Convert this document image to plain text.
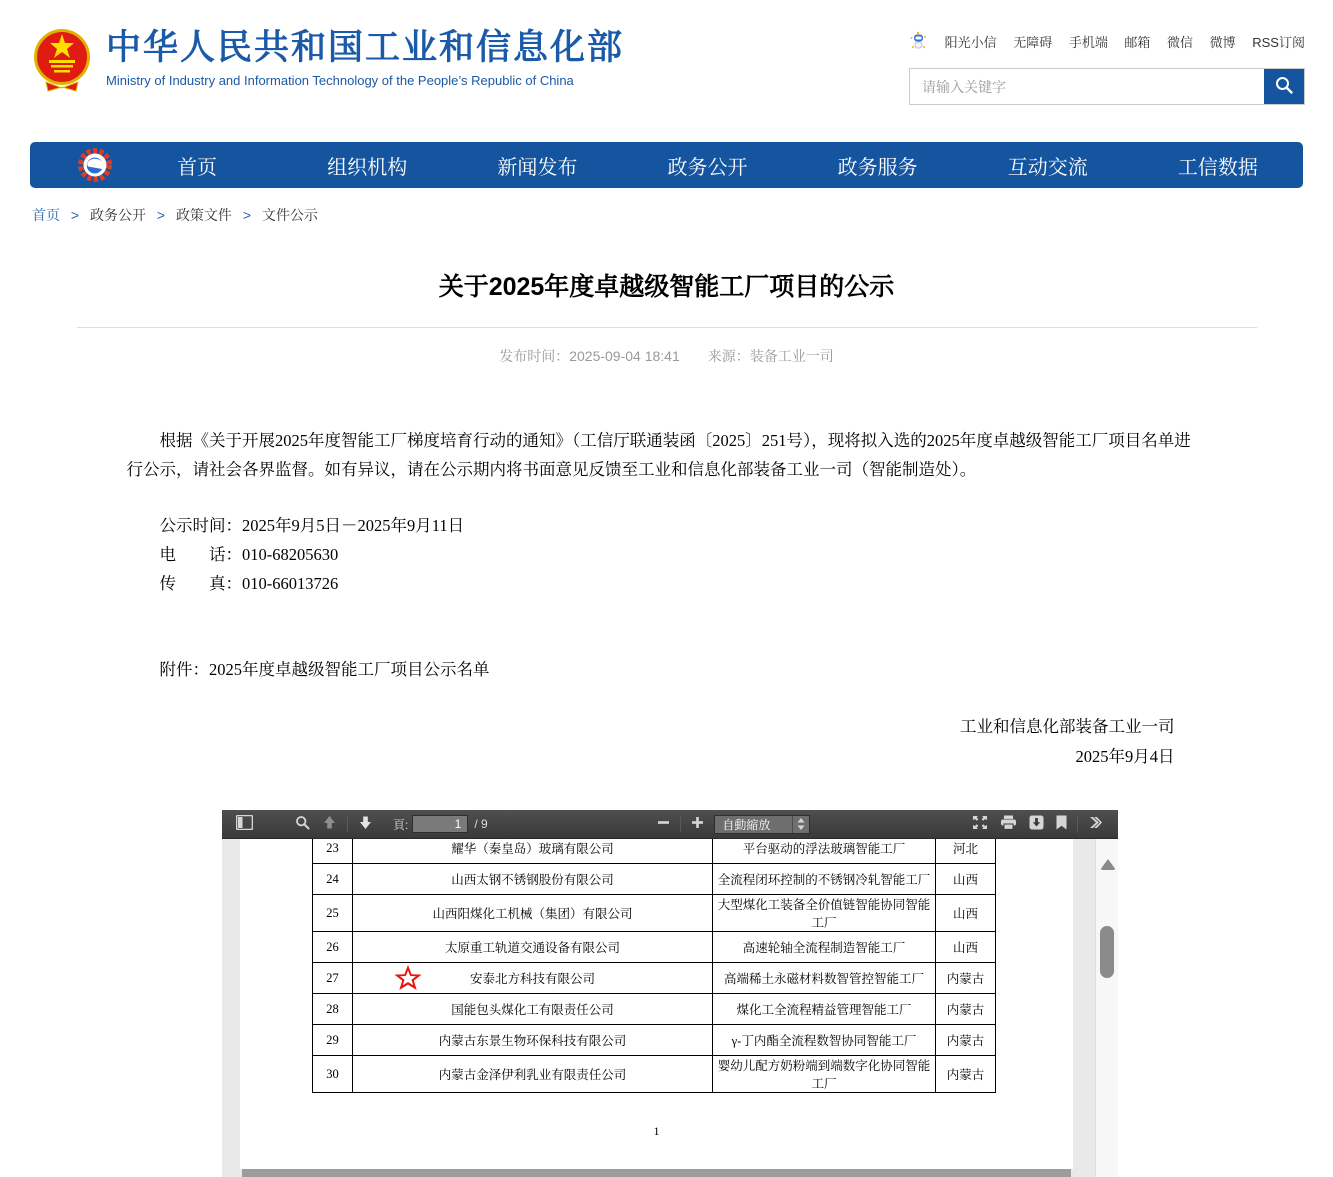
中华人民共和国工业和信息化部
Ministry of Industry and Information Technology of the People’s Republic of China
阳光小信 无障碍 手机端 邮箱 微信 微博 RSS订阅
请输入关键字
首页	组织机构	新闻发布	政务公开	政务服务	互动交流	工信数据
首页 > 政务公开 > 政策文件 > 文件公示
关于2025年度卓越级智能工厂项目的公示
发布时间：2025-09-04 18:41 来源：装备工业一司

根据《关于开展2025年度智能工厂梯度培育行动的通知》（工信厅联通装函〔2025〕251号），现将拟入选的2025年度卓越级智能工厂项目名单进行公示，请社会各界监督。如有异议，请在公示期内将书面意见反馈至工业和信息化部装备工业一司（智能制造处）。

公示时间：2025年9月5日－2025年9月11日

电　　话：010-68205630

传　　真：010-66013726

附件：2025年度卓越级智能工厂项目公示名单

工业和信息化部装备工业一司
2025年9月4日
頁:
1	/ 9	自動縮放
23	耀华（秦皇岛）玻璃有限公司	平台驱动的浮法玻璃智能工厂	河北
24	山西太钢不锈钢股份有限公司	全流程闭环控制的不锈钢冷轧智能工厂	山西
25	山西阳煤化工机械（集团）有限公司	大型煤化工装备全价值链智能协同智能工厂	山西
26	太原重工轨道交通设备有限公司	高速轮轴全流程制造智能工厂	山西
27	安泰北方科技有限公司	高端稀土永磁材料数智管控智能工厂	内蒙古
28	国能包头煤化工有限责任公司	煤化工全流程精益管理智能工厂	内蒙古
29	内蒙古东景生物环保科技有限公司	γ-丁内酯全流程数智协同智能工厂	内蒙古
30	内蒙古金泽伊利乳业有限责任公司	婴幼儿配方奶粉端到端数字化协同智能工厂	内蒙古
1
